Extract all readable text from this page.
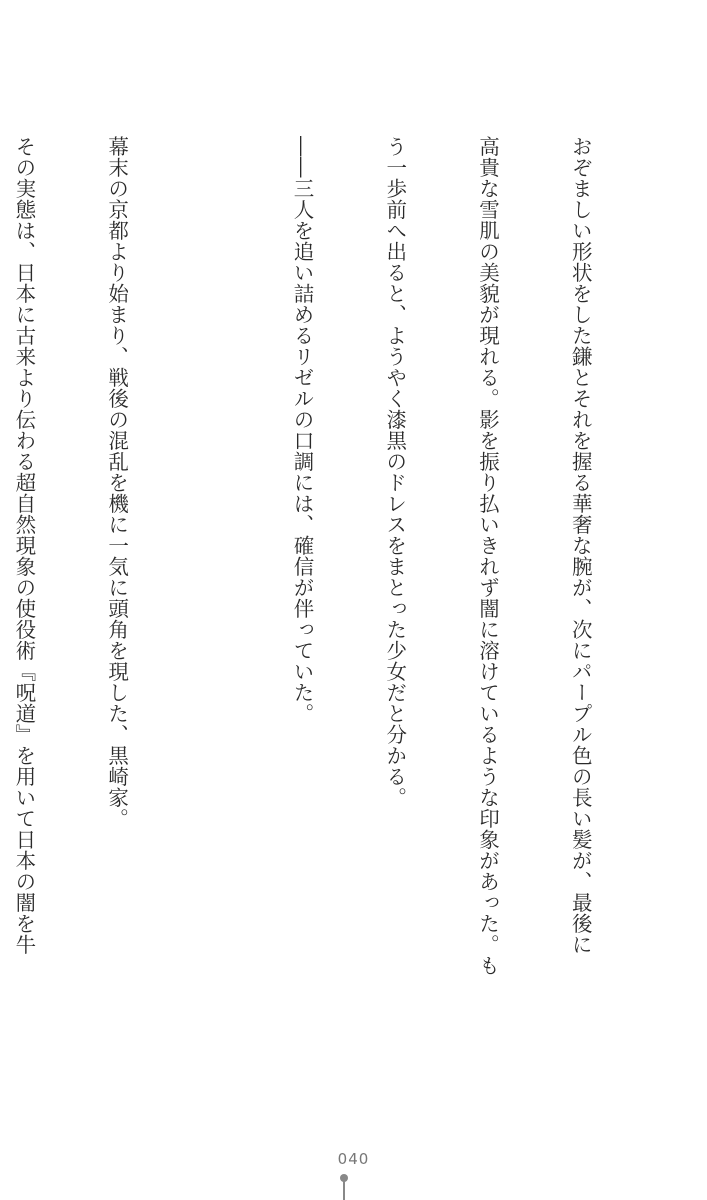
おぞましい形状をした鎌とそれを握る華奢な腕が、次にパープル色の長い髪が、最後に

高貴な雪肌の美貌が現れる。影を振り払いきれず闇に溶けているような印象があった。も

う一歩前へ出ると、ようやく漆黒のドレスをまとった少女だと分かる。

――三人を追い詰めるリゼルの口調には、確信が伴っていた。

幕末の京都より始まり、戦後の混乱を機に一気に頭角を現した、黒崎家。

その実態は、日本に古来より伝わる超自然現象の使役術『呪道』を用いて日本の闇を牛

040
